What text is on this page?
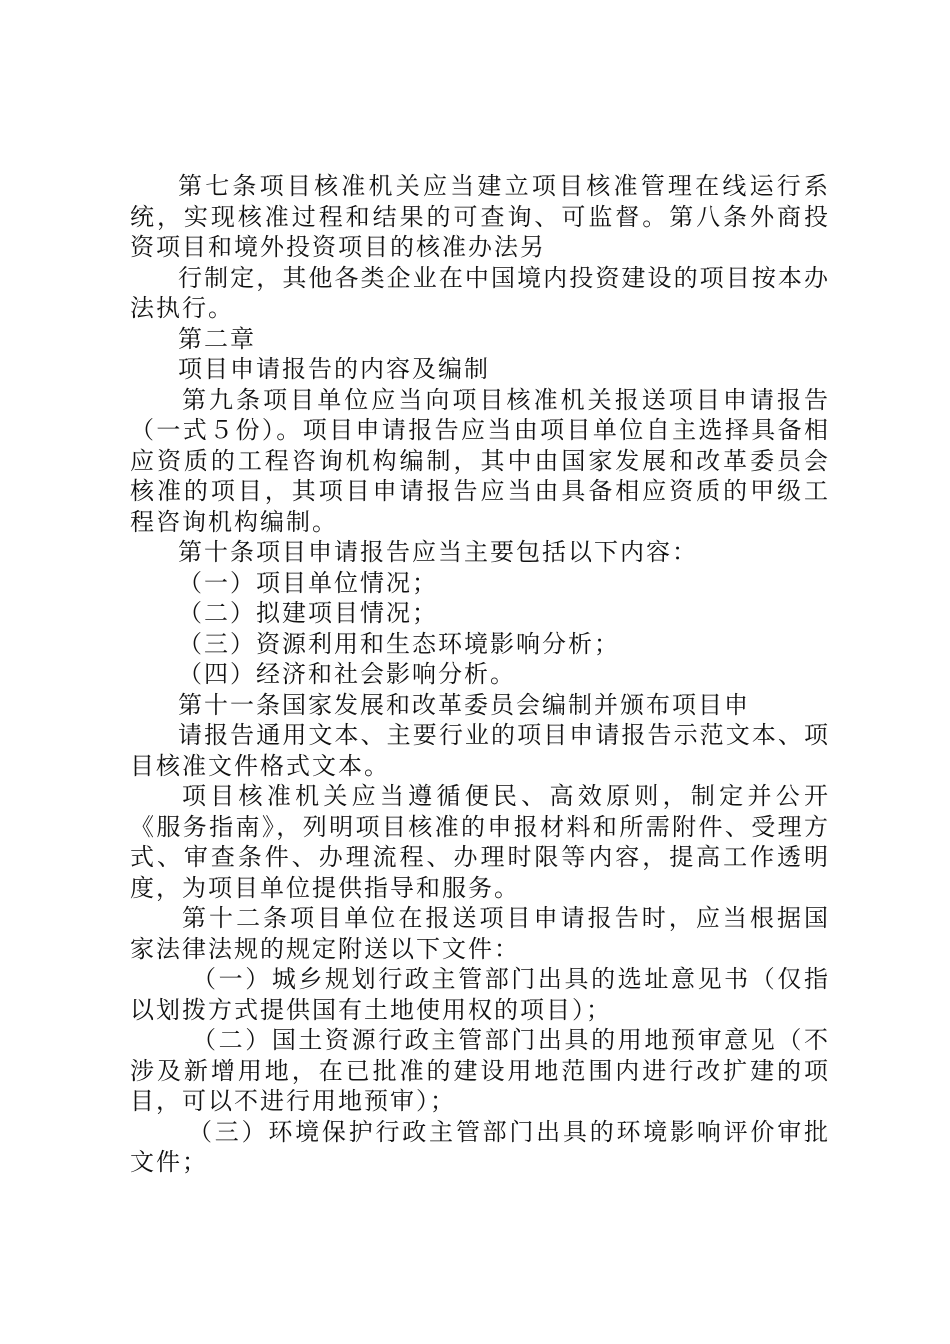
第七条项目核准机关应当建立项目核准管理在线运行系统，实现核准过程和结果的可查询、可监督。第八条外商投资项目和境外投资项目的核准办法另

行制定，其他各类企业在中国境内投资建设的项目按本办法执行。

第二章

项目申请报告的内容及编制

第九条项目单位应当向项目核准机关报送项目申请报告（一式５份）。项目申请报告应当由项目单位自主选择具备相应资质的工程咨询机构编制，其中由国家发展和改革委员会核准的项目，其项目申请报告应当由具备相应资质的甲级工程咨询机构编制。

第十条项目申请报告应当主要包括以下内容：

（一）项目单位情况；

（二）拟建项目情况；

（三）资源利用和生态环境影响分析；

（四）经济和社会影响分析。

第十一条国家发展和改革委员会编制并颁布项目申

请报告通用文本、主要行业的项目申请报告示范文本、项目核准文件格式文本。

项目核准机关应当遵循便民、高效原则，制定并公开《服务指南》，列明项目核准的申报材料和所需附件、受理方式、审查条件、办理流程、办理时限等内容，提高工作透明度，为项目单位提供指导和服务。

第十二条项目单位在报送项目申请报告时，应当根据国家法律法规的规定附送以下文件：

（一）城乡规划行政主管部门出具的选址意见书（仅指以划拨方式提供国有土地使用权的项目）；

（二）国土资源行政主管部门出具的用地预审意见（不涉及新增用地，在已批准的建设用地范围内进行改扩建的项目，可以不进行用地预审）；

（三）环境保护行政主管部门出具的环境影响评价审批文件；
